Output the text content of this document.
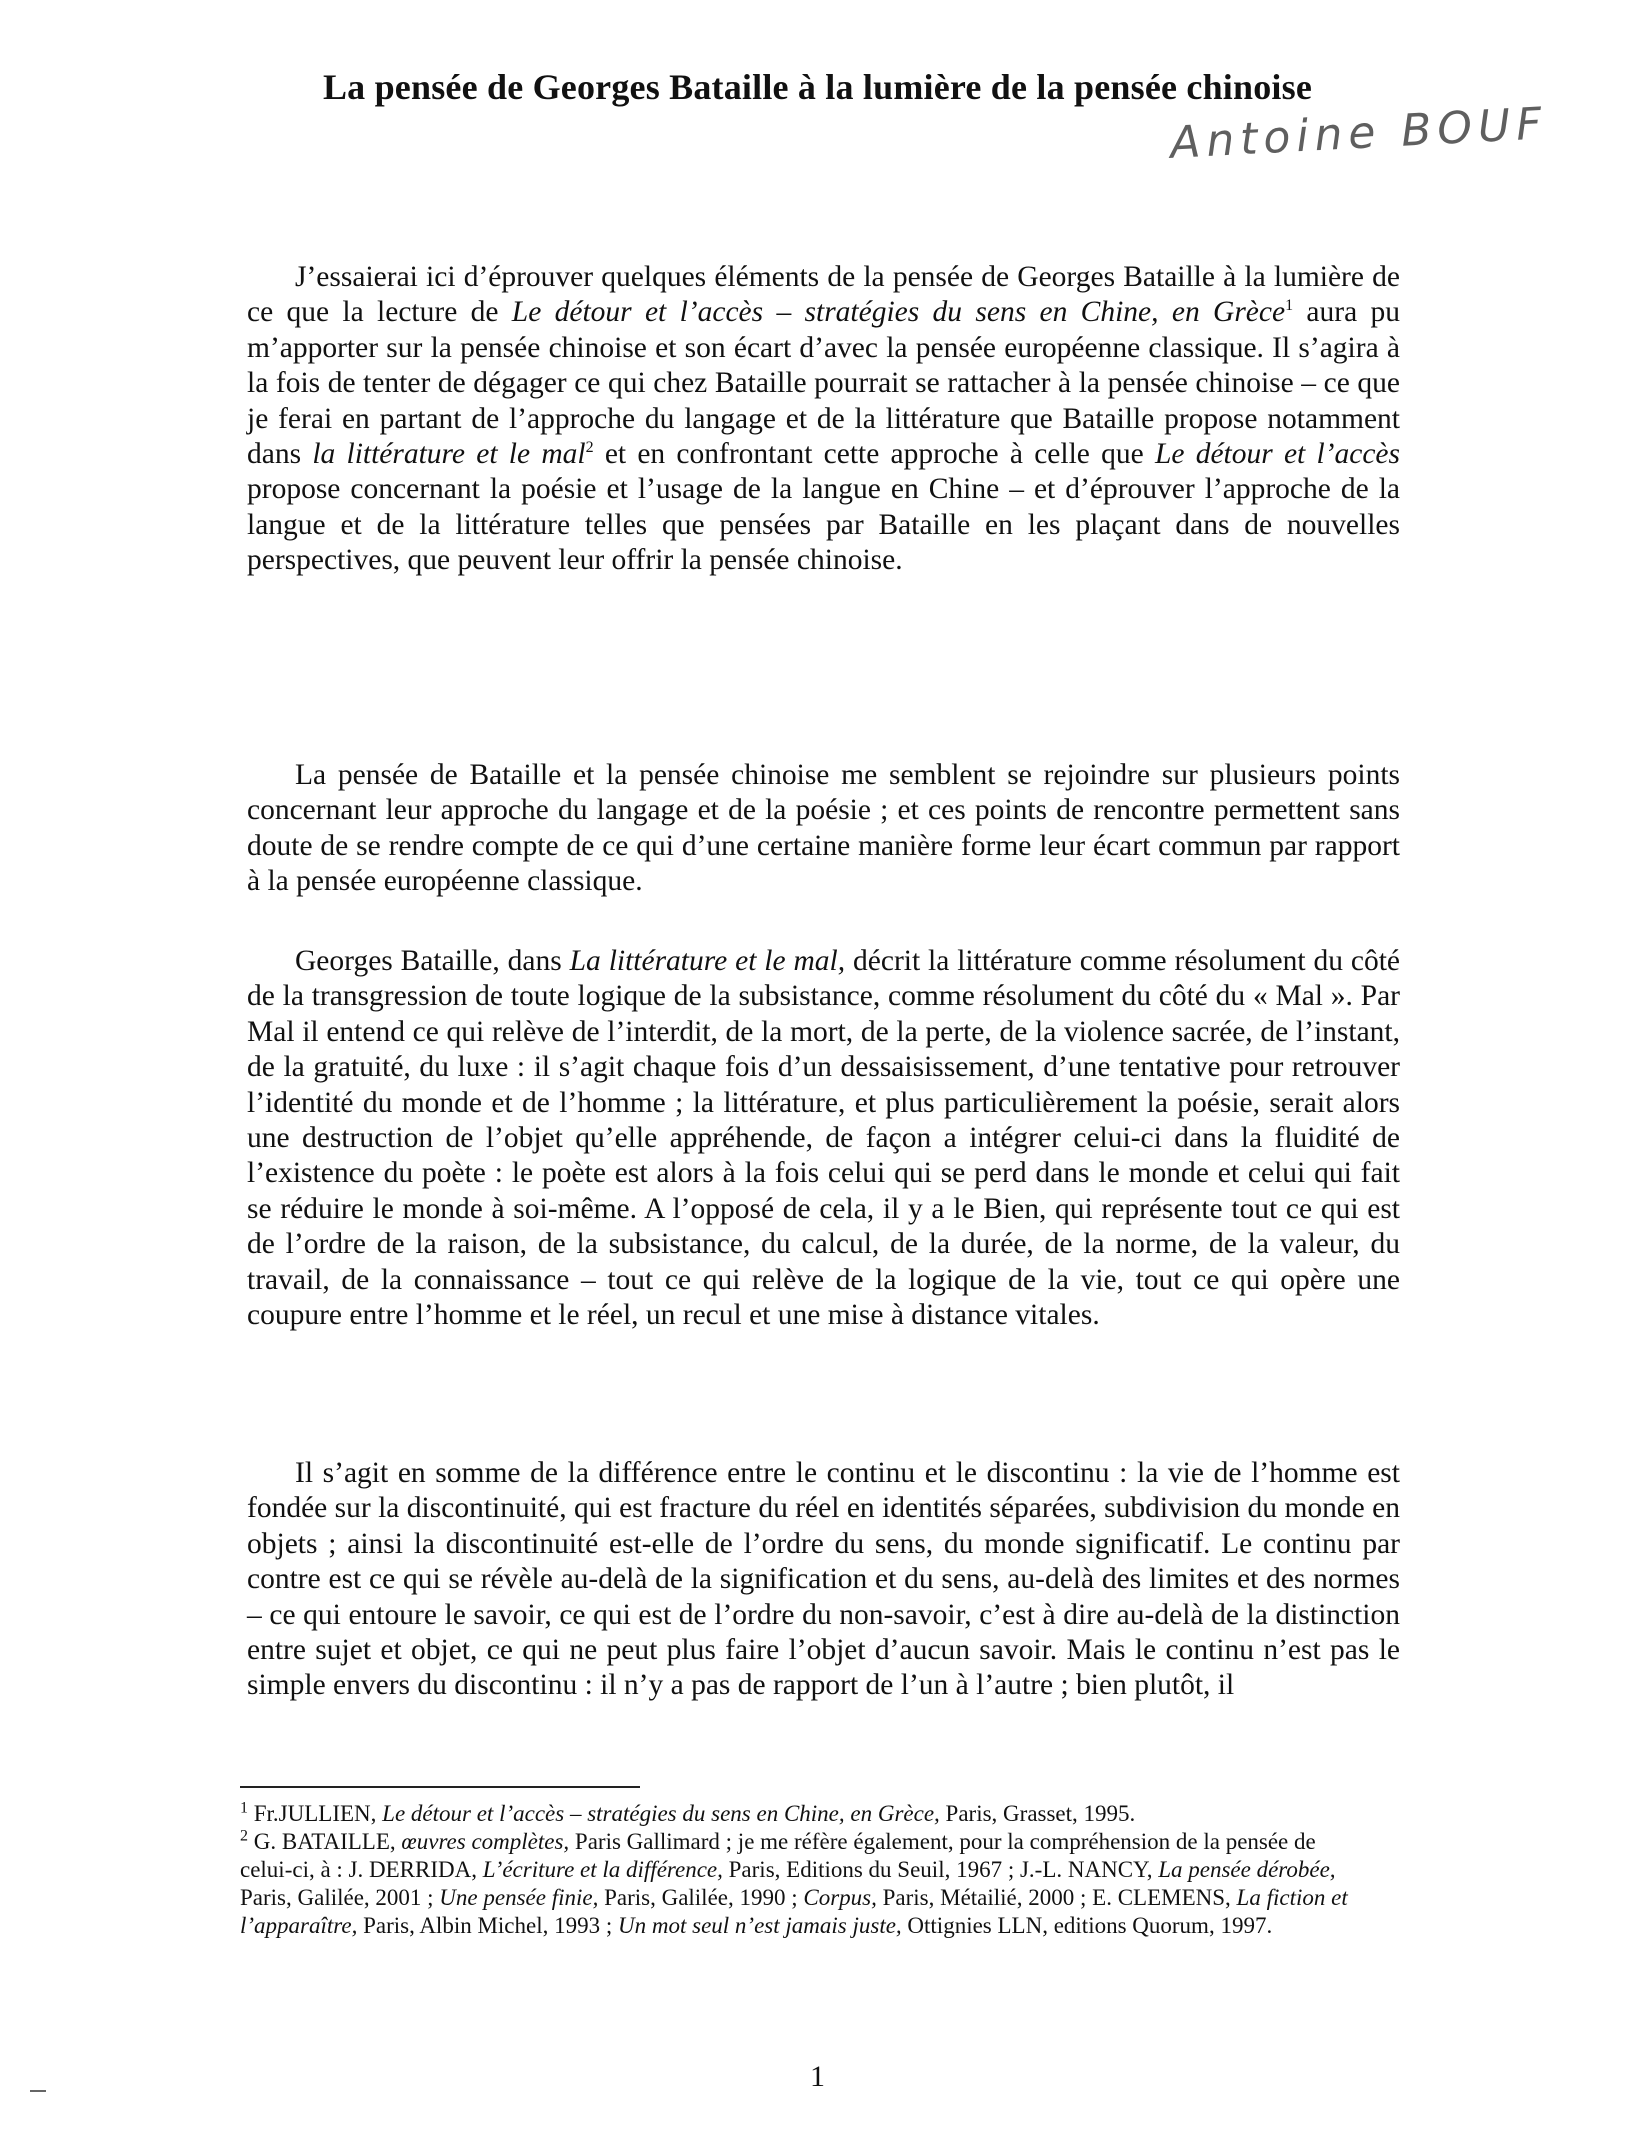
La pensée de Georges Bataille à la lumière de la pensée chinoise
Antoine BOUF

J’essaierai ici d’éprouver quelques éléments de la pensée de Georges Bataille à la lumière de ce que la lecture de Le détour et l’accès – stratégies du sens en Chine, en Grèce$^1$ aura pu m’apporter sur la pensée chinoise et son écart d’avec la pensée européenne classique. Il s’agira à la fois de tenter de dégager ce qui chez Bataille pourrait se rattacher à la pensée chinoise – ce que je ferai en partant de l’approche du langage et de la littérature que Bataille propose notamment dans la littérature et le mal$^2$ et en confrontant cette approche à celle que Le détour et l’accès propose concernant la poésie et l’usage de la langue en Chine – et d’éprouver l’approche de la langue et de la littérature telles que pensées par Bataille en les plaçant dans de nouvelles perspectives, que peuvent leur offrir la pensée chinoise.

La pensée de Bataille et la pensée chinoise me semblent se rejoindre sur plusieurs points concernant leur approche du langage et de la poésie ; et ces points de rencontre permettent sans doute de se rendre compte de ce qui d’une certaine manière forme leur écart commun par rapport à la pensée européenne classique.

Georges Bataille, dans La littérature et le mal, décrit la littérature comme résolument du côté de la transgression de toute logique de la subsistance, comme résolument du côté du « Mal ». Par Mal il entend ce qui relève de l’interdit, de la mort, de la perte, de la violence sacrée, de l’instant, de la gratuité, du luxe : il s’agit chaque fois d’un dessaisissement, d’une tentative pour retrouver l’identité du monde et de l’homme ; la littérature, et plus particulièrement la poésie, serait alors une destruction de l’objet qu’elle appréhende, de façon a intégrer celui-ci dans la fluidité de l’existence du poète : le poète est alors à la fois celui qui se perd dans le monde et celui qui fait se réduire le monde à soi-même. A l’opposé de cela, il y a le Bien, qui représente tout ce qui est de l’ordre de la raison, de la subsistance, du calcul, de la durée, de la norme, de la valeur, du travail, de la connaissance – tout ce qui relève de la logique de la vie, tout ce qui opère une coupure entre l’homme et le réel, un recul et une mise à distance vitales.

Il s’agit en somme de la différence entre le continu et le discontinu : la vie de l’homme est fondée sur la discontinuité, qui est fracture du réel en identités séparées, subdivision du monde en objets ; ainsi la discontinuité est-elle de l’ordre du sens, du monde significatif. Le continu par contre est ce qui se révèle au-delà de la signification et du sens, au-delà des limites et des normes – ce qui entoure le savoir, ce qui est de l’ordre du non-savoir, c’est à dire au-delà de la distinction entre sujet et objet, ce qui ne peut plus faire l’objet d’aucun savoir. Mais le continu n’est pas le simple envers du discontinu : il n’y a pas de rapport de l’un à l’autre ; bien plutôt, il

$^1$ Fr.JULLIEN, Le détour et l’accès – stratégies du sens en Chine, en Grèce, Paris, Grasset, 1995.

$^2$ G. BATAILLE, œuvres complètes, Paris Gallimard ; je me réfère également, pour la compréhension de la pensée de celui-ci, à : J. DERRIDA, L’écriture et la différence, Paris, Editions du Seuil, 1967 ; J.-L. NANCY, La pensée dérobée, Paris, Galilée, 2001 ; Une pensée finie, Paris, Galilée, 1990 ; Corpus, Paris, Métailié, 2000 ; E. CLEMENS, La fiction et l’apparaître, Paris, Albin Michel, 1993 ; Un mot seul n’est jamais juste, Ottignies LLN, editions Quorum, 1997.

1
